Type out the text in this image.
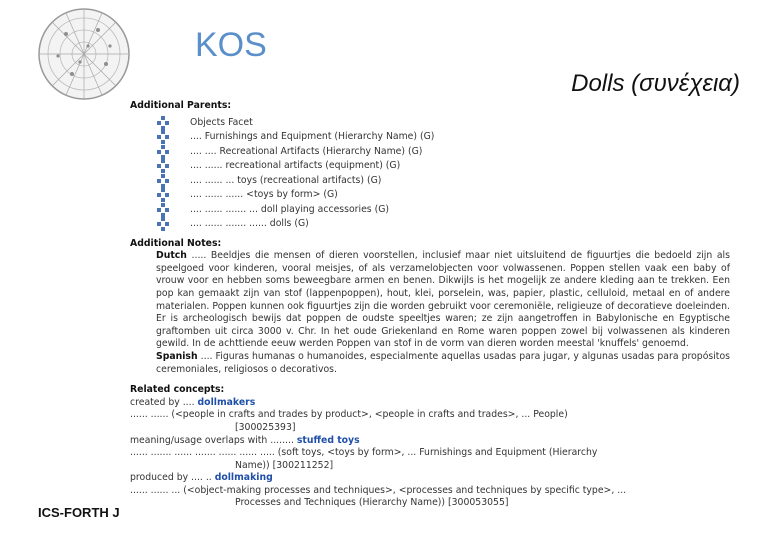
KOS
Dolls (συνέχεια)
Additional Parents:
Objects Facet
.... Furnishings and Equipment (Hierarchy Name) (G)
.... .... Recreational Artifacts (Hierarchy Name) (G)
.... ...... recreational artifacts (equipment) (G)
.... ...... ... toys (recreational artifacts) (G)
.... ...... ...... <toys by form> (G)
.... ...... ....... ... doll playing accessories (G)
.... ...... ....... ...... dolls (G)
Additional Notes:
Dutch ..... Beeldjes die mensen of dieren voorstellen, inclusief maar niet uitsluitend de figuurtjes die bedoeld zijn als speelgoed voor kinderen, vooral meisjes, of als verzamelobjecten voor volwassenen. Poppen stellen vaak een baby of vrouw voor en hebben soms beweegbare armen en benen. Dikwijls is het mogelijk ze andere kleding aan te trekken. Een pop kan gemaakt zijn van stof (lappenpoppen), hout, klei, porselein, was, papier, plastic, celluloid, metaal en of andere materialen. Poppen kunnen ook figuurtjes zijn die worden gebruikt voor ceremoniële, religieuze of decoratieve doeleinden. Er is archeologisch bewijs dat poppen de oudste speeltjes waren; ze zijn aangetroffen in Babylonische en Egyptische graftomben uit circa 3000 v. Chr. In het oude Griekenland en Rome waren poppen zowel bij volwassenen als kinderen gewild. In de achttiende eeuw werden Poppen van stof in de vorm van dieren worden meestal 'knuffels' genoemd.
Spanish .... Figuras humanas o humanoides, especialmente aquellas usadas para jugar, y algunas usadas para propósitos ceremoniales, religiosos o decorativos.
Related concepts:
created by .... dollmakers
...... ...... (<people in crafts and trades by product>, <people in crafts and trades>, ... People)
[300025393]
meaning/usage overlaps with ........ stuffed toys
...... ....... ...... ....... ...... ...... ..... (soft toys, <toys by form>, ... Furnishings and Equipment (Hierarchy
Name)) [300211252]
produced by .... .. dollmaking
...... ...... ... (<object-making processes and techniques>, <processes and techniques by specific type>, ...
Processes and Techniques (Hierarchy Name)) [300053055]
ICS-FORTH J
